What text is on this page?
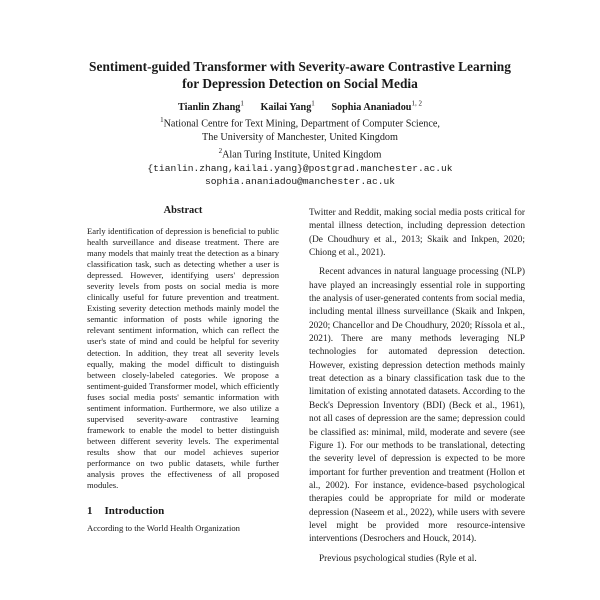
Sentiment-guided Transformer with Severity-aware Contrastive Learning
for Depression Detection on Social Media
Tianlin Zhang$^1$ Kailai Yang$^1$ Sophia Ananiadou$^{1, 2}$
$^1$National Centre for Text Mining, Department of Computer Science,
The University of Manchester, United Kingdom
$^2$Alan Turing Institute, United Kingdom
{tianlin.zhang,kailai.yang}@postgrad.manchester.ac.uk
sophia.ananiadou@manchester.ac.uk
Abstract
Early identification of depression is beneficial to public health surveillance and disease treatment. There are many models that mainly treat the detection as a binary classification task, such as detecting whether a user is depressed. However, identifying users' depression severity levels from posts on social media is more clinically useful for future prevention and treatment. Existing severity detection methods mainly model the semantic information of posts while ignoring the relevant sentiment information, which can reflect the user's state of mind and could be helpful for severity detection. In addition, they treat all severity levels equally, making the model difficult to distinguish between closely-labeled categories. We propose a sentiment-guided Transformer model, which efficiently fuses social media posts' semantic information with sentiment information. Furthermore, we also utilize a supervised severity-aware contrastive learning framework to enable the model to better distinguish between different severity levels. The experimental results show that our model achieves superior performance on two public datasets, while further analysis proves the effectiveness of all proposed modules.
1 Introduction
According to the World Health Organization

Twitter and Reddit, making social media posts critical for mental illness detection, including depression detection (De Choudhury et al., 2013; Skaik and Inkpen, 2020; Chiong et al., 2021).

Recent advances in natural language processing (NLP) have played an increasingly essential role in supporting the analysis of user-generated contents from social media, including mental illness surveillance (Skaik and Inkpen, 2020; Chancellor and De Choudhury, 2020; Ríssola et al., 2021). There are many methods leveraging NLP technologies for automated depression detection. However, existing depression detection methods mainly treat detection as a binary classification task due to the limitation of existing annotated datasets. According to the Beck's Depression Inventory (BDI) (Beck et al., 1961), not all cases of depression are the same; depression could be classified as: minimal, mild, moderate and severe (see Figure 1). For our methods to be translational, detecting the severity level of depression is expected to be more important for further prevention and treatment (Hollon et al., 2002). For instance, evidence-based psychological therapies could be appropriate for mild or moderate depression (Naseem et al., 2022), while users with severe level might be provided more resource-intensive interventions (Desrochers and Houck, 2014).

Previous psychological studies (Ryle et al.
